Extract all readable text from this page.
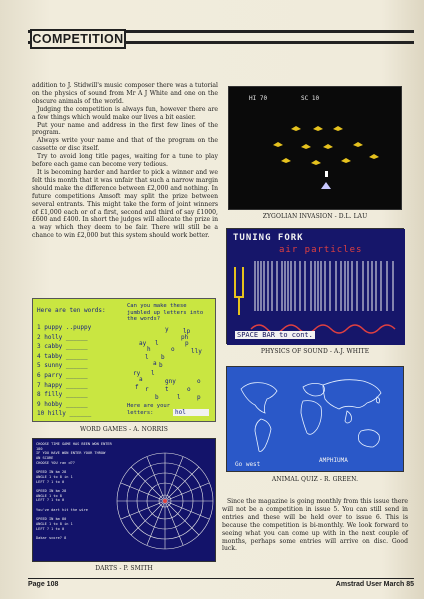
COMPETITION

addition to J. Stidwill's music composer there was a tutorial on the physics of sound from Mr A J White and one on the obscure animals of the world.

Judging the competition is always fun, however there are a few things which would make our lives a bit easier.

Put your name and address in the first few lines of the program.

Always write your name and that of the program on the cassette or disc itself.

Try to avoid long title pages, waiting for a tune to play before each game can become very tedious.

It is becoming harder and harder to pick a winner and we felt this month that it was unfair that such a narrow margin should make the difference between £2,000 and nothing. In future competitions Amsoft may split the prize between several entrants. This might take the form of joint winners of £1,000 each or of a first, second and third of say £1000, £600 and £400. In short the judges will allocate the prize in a way which they deem to be fair. There will still be a chance to win £2,000 but this system should work better.

HI 70	SC 10
ZYGOLIAN INVASION - D.L. LAU
TUNING FORK
air particles
SPACE BAR to cont.
PHYSICS OF SOUND - A.J. WHITE
Here are ten words:
Can you make these jumbled up letters into the words?
1 puppy ..puppy
2 holly ______
3 cabby ______
4 tabby ______
5 sunny ______
6 parry ______
7 happy ______
8 filly ______
9 hobby ______
10 hilly ______
y lp
ph
ay l	p
h	o	lly
l b
a b
ry l
a	gny	o
f r	t	o
b	l	p
Here are your letters:	hol
WORD GAMES - A. NORRIS
CHOOSE TIME GAME HAS BEEN WON ENTER 180
IF YOU HAVE WON ENTER YOUR THROW
AN SCORE
CHOOSE YOU ran d??

SPEED IN km 28
ANGLE 1 to 8 in 1
LEFT ? 1 to 0

SPEED IN km 28
ANGLE 1 to 8
LEFT ? 1 to 0

You've dart hit the wire

SPEED IN km 80
ANGLE 1 to 8 in 1
LEFT ? 1 to 0

Dakar score? 8
DARTS - P. SMITH
Go west
AMPHIUMA
ANIMAL QUIZ - R. GREEN.

Since the magazine is going monthly from this issue there will not be a competition in issue 5. You can still send in entries and these will be held over to issue 6. This is because the competition is bi-monthly. We look forward to seeing what you can come up with in the next couple of months, perhaps some entries will arrive on disc. Good luck.

Page 108	Amstrad User March 85
